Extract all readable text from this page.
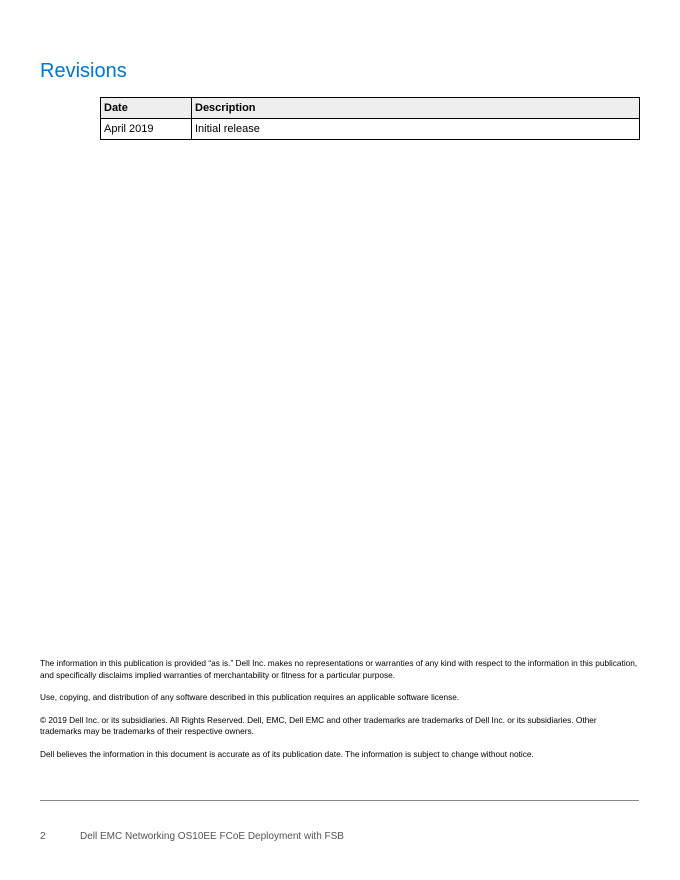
Revisions
Date	Description
April 2019	Initial release

The information in this publication is provided “as is.” Dell Inc. makes no representations or warranties of any kind with respect to the information in this publication, and specifically disclaims implied warranties of merchantability or fitness for a particular purpose.

Use, copying, and distribution of any software described in this publication requires an applicable software license.

© 2019 Dell Inc. or its subsidiaries. All Rights Reserved. Dell, EMC, Dell EMC and other trademarks are trademarks of Dell Inc. or its subsidiaries. Other trademarks may be trademarks of their respective owners.

Dell believes the information in this document is accurate as of its publication date. The information is subject to change without notice.

2	Dell EMC Networking OS10EE FCoE Deployment with FSB
